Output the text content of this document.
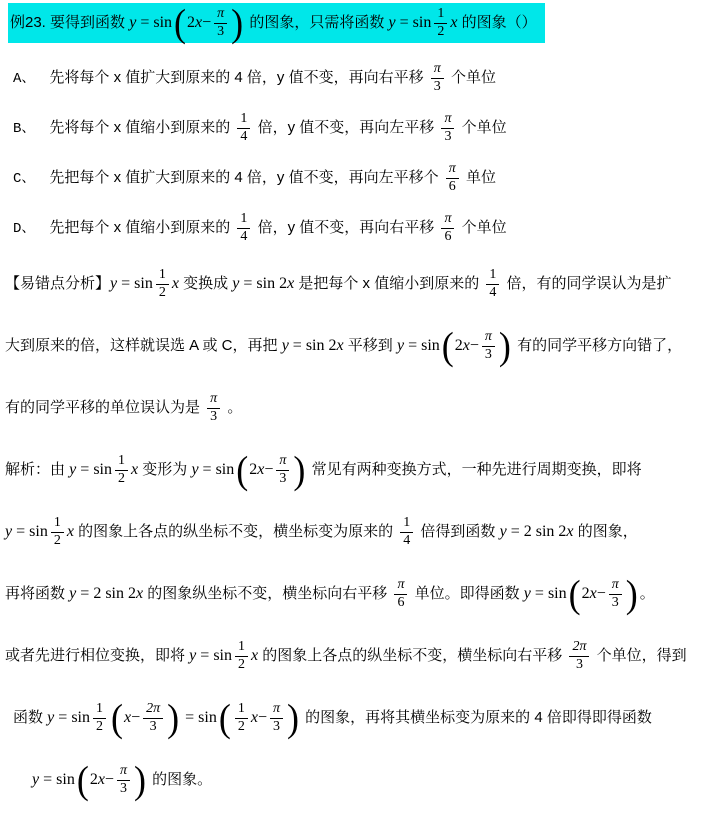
例23. 要得到函数 y = sin ( 2 $x - \frac{\pi}{3}$ ) 的图象，只需将函数 $y = \sin \frac{1}{2}$ x 的图象（）
A、 先将每个 x 值扩大到原来的 4 倍，y 值不变，再向右平移 $\frac{\pi}{3}$ 个单位
B、 先将每个 x 值缩小到原来的 $\frac{1}{4}$ 倍，y 值不变，再向左平移 $\frac{\pi}{3}$ 个单位
C、 先把每个 x 值扩大到原来的 4 倍，y 值不变，再向左平移个 $\frac{\pi}{6}$ 单位
D、 先把每个 x 值缩小到原来的 $\frac{1}{4}$ 倍，y 值不变，再向右平移 $\frac{\pi}{6}$ 个单位
【易错点分析】$y = \sin \frac{1}{2}$ x 变换成 y = sin 2x 是把每个 x 值缩小到原来的 $\frac{1}{4}$ 倍，有的同学误认为是扩
大到原来的倍，这样就误选 A 或 C，再把 y = sin 2x 平移到 y = sin ( 2 $x - \frac{\pi}{3}$ ) 有的同学平移方向错了，
有的同学平移的单位误认为是 $\frac{\pi}{3}$ 。
解析：由 $y = \sin \frac{1}{2}$ x 变形为 y = sin ( 2 $x - \frac{\pi}{3}$ ) 常见有两种变换方式，一种先进行周期变换，即将
$y = \sin \frac{1}{2}$ x 的图象上各点的纵坐标不变，横坐标变为原来的 $\frac{1}{4}$ 倍得到函数 y = 2 sin 2x 的图象，
再将函数 y = 2 sin 2x 的图象纵坐标不变，横坐标向右平移 $\frac{\pi}{6}$ 单位。即得函数 y = sin ( 2 $x - \frac{\pi}{3}$ ) 。
或者先进行相位变换，即将 $y = \sin \frac{1}{2}$ x 的图象上各点的纵坐标不变，横坐标向右平移 $\frac{2\pi}{3}$ 个单位，得到
函数 $y = \sin \frac{1}{2}$ ( $x - \frac{2\pi}{3}$ ) = sin ( $\frac{1}{2}$ $x - \frac{\pi}{3}$ ) 的图象，再将其横坐标变为原来的 4 倍即得即得函数
y = sin ( 2 $x - \frac{\pi}{3}$ ) 的图象。
